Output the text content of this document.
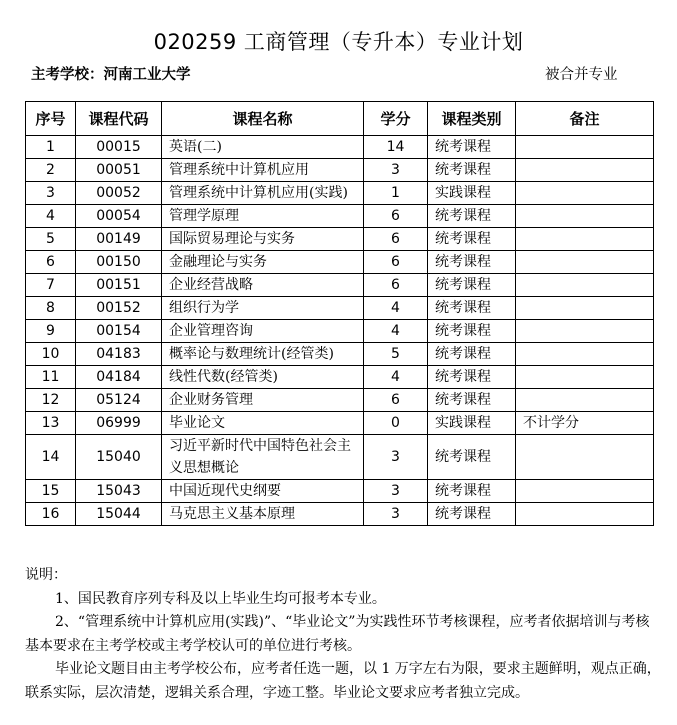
020259 工商管理（专升本）专业计划
主考学校：河南工业大学	被合并专业
序号	课程代码	课程名称	学分	课程类别	备注
1	00015	英语(二)	14	统考课程	
2	00051	管理系统中计算机应用	3	统考课程	
3	00052	管理系统中计算机应用(实践)	1	实践课程	
4	00054	管理学原理	6	统考课程	
5	00149	国际贸易理论与实务	6	统考课程	
6	00150	金融理论与实务	6	统考课程	
7	00151	企业经营战略	6	统考课程	
8	00152	组织行为学	4	统考课程	
9	00154	企业管理咨询	4	统考课程	
10	04183	概率论与数理统计(经管类)	5	统考课程	
11	04184	线性代数(经管类)	4	统考课程	
12	05124	企业财务管理	6	统考课程	
13	06999	毕业论文	0	实践课程	不计学分
14	15040	习近平新时代中国特色社会主义思想概论	3	统考课程	
15	15043	中国近现代史纲要	3	统考课程	
16	15044	马克思主义基本原理	3	统考课程	

说明：

1、国民教育序列专科及以上毕业生均可报考本专业。

2、“管理系统中计算机应用(实践)”、“毕业论文”为实践性环节考核课程，应考者依据培训与考核基本要求在主考学校或主考学校认可的单位进行考核。

毕业论文题目由主考学校公布，应考者任选一题，以 1 万字左右为限，要求主题鲜明，观点正确，联系实际，层次清楚，逻辑关系合理，字迹工整。毕业论文要求应考者独立完成。
